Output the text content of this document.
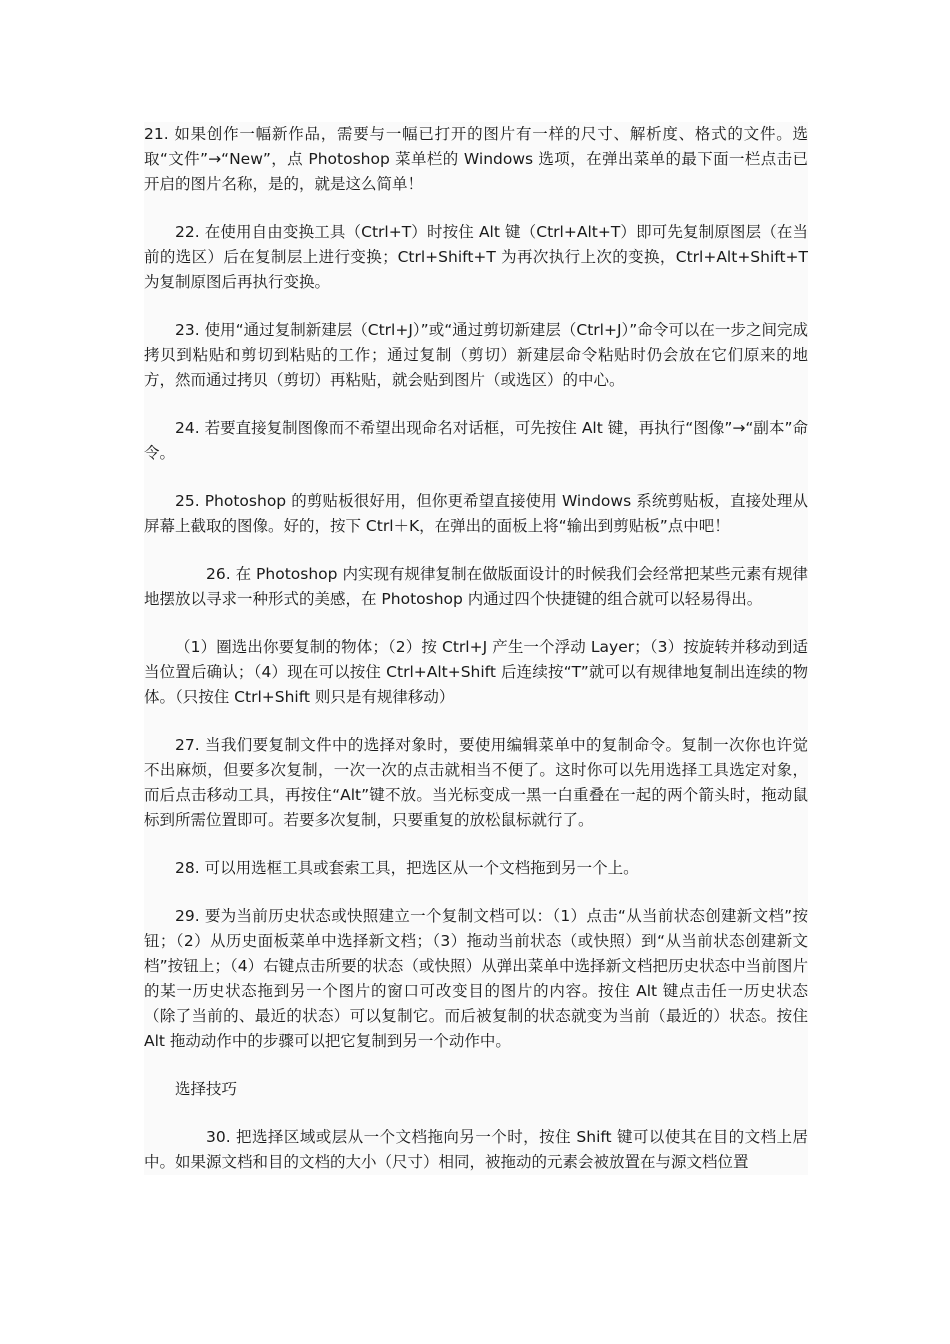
21. 如果创作一幅新作品，需要与一幅已打开的图片有一样的尺寸、解析度、格式的文件。选取“文件”→“New”，点 Photoshop 菜单栏的 Windows 选项，在弹出菜单的最下面一栏点击已开启的图片名称，是的，就是这么简单！

22. 在使用自由变换工具（Ctrl+T）时按住 Alt 键（Ctrl+Alt+T）即可先复制原图层（在当前的选区）后在复制层上进行变换；Ctrl+Shift+T 为再次执行上次的变换，Ctrl+Alt+Shift+T 为复制原图后再执行变换。

23. 使用“通过复制新建层（Ctrl+J）”或“通过剪切新建层（Ctrl+J）”命令可以在一步之间完成拷贝到粘贴和剪切到粘贴的工作；通过复制（剪切）新建层命令粘贴时仍会放在它们原来的地方，然而通过拷贝（剪切）再粘贴，就会贴到图片（或选区）的中心。

24. 若要直接复制图像而不希望出现命名对话框，可先按住 Alt 键，再执行“图像”→“副本”命令。

25. Photoshop 的剪贴板很好用，但你更希望直接使用 Windows 系统剪贴板，直接处理从屏幕上截取的图像。好的，按下 Ctrl＋K，在弹出的面板上将“输出到剪贴板”点中吧！

26. 在 Photoshop 内实现有规律复制在做版面设计的时候我们会经常把某些元素有规律地摆放以寻求一种形式的美感，在 Photoshop 内通过四个快捷键的组合就可以轻易得出。

（1）圈选出你要复制的物体；（2）按 Ctrl+J 产生一个浮动 Layer；（3）按旋转并移动到适当位置后确认；（4）现在可以按住 Ctrl+Alt+Shift 后连续按“T”就可以有规律地复制出连续的物体。（只按住 Ctrl+Shift 则只是有规律移动）

27. 当我们要复制文件中的选择对象时，要使用编辑菜单中的复制命令。复制一次你也许觉不出麻烦，但要多次复制，一次一次的点击就相当不便了。这时你可以先用选择工具选定对象，而后点击移动工具，再按住“Alt”键不放。当光标变成一黑一白重叠在一起的两个箭头时，拖动鼠标到所需位置即可。若要多次复制，只要重复的放松鼠标就行了。

28. 可以用选框工具或套索工具，把选区从一个文档拖到另一个上。

29. 要为当前历史状态或快照建立一个复制文档可以：（1）点击“从当前状态创建新文档”按钮；（2）从历史面板菜单中选择新文档；（3）拖动当前状态（或快照）到“从当前状态创建新文档”按钮上；（4）右键点击所要的状态（或快照）从弹出菜单中选择新文档把历史状态中当前图片的某一历史状态拖到另一个图片的窗口可改变目的图片的内容。按住 Alt 键点击任一历史状态（除了当前的、最近的状态）可以复制它。而后被复制的状态就变为当前（最近的）状态。按住 Alt 拖动动作中的步骤可以把它复制到另一个动作中。

选择技巧

30. 把选择区域或层从一个文档拖向另一个时，按住 Shift 键可以使其在目的文档上居中。如果源文档和目的文档的大小（尺寸）相同，被拖动的元素会被放置在与源文档位置
